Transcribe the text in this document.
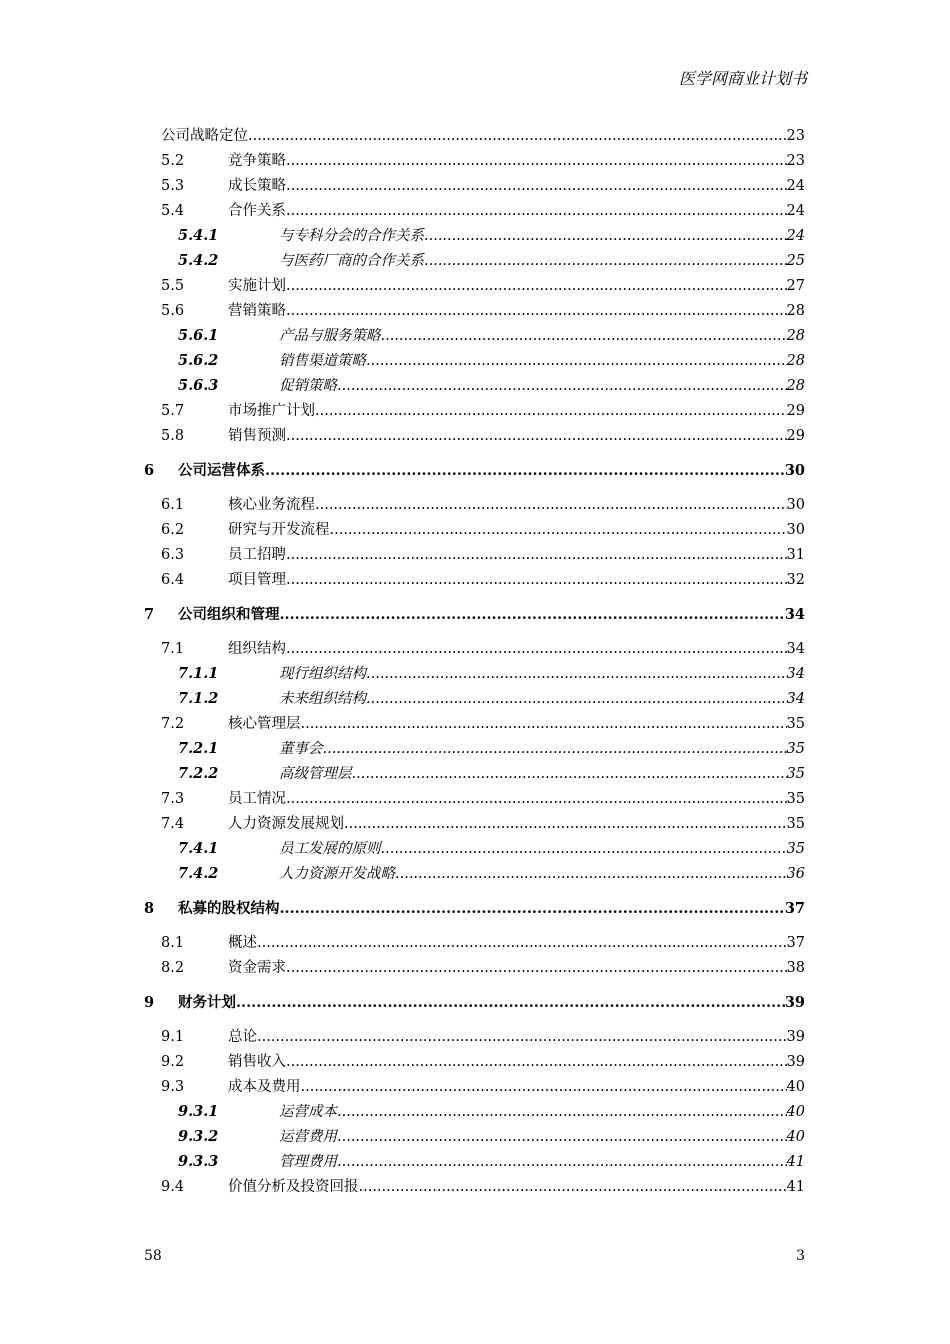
医学网商业计划书
公司战略定位 .....	23
5.2	竞争策略 .....	23
5.3	成长策略 .....	24
5.4	合作关系 .....	24
5.4.1	与专科分会的合作关系 .....	24
5.4.2	与医药厂商的合作关系 .....	25
5.5	实施计划 .....	27
5.6	营销策略 .....	28
5.6.1	产品与服务策略 .....	28
5.6.2	销售渠道策略 .....	28
5.6.3	促销策略 .....	28
5.7	市场推广计划 .....	29
5.8	销售预测 .....	29
6 公司运营体系 .....	30
6.1	核心业务流程 .....	30
6.2	研究与开发流程 .....	30
6.3	员工招聘 .....	31
6.4	项目管理 .....	32
7 公司组织和管理 .....	34
7.1	组织结构 .....	34
7.1.1	现行组织结构 .....	34
7.1.2	未来组织结构 .....	34
7.2	核心管理层 .....	35
7.2.1	董事会 .....	35
7.2.2	高级管理层 .....	35
7.3	员工情况 .....	35
7.4	人力资源发展规划 .....	35
7.4.1	员工发展的原则 .....	35
7.4.2	人力资源开发战略 .....	36
8 私募的股权结构 .....	37
8.1	概述 .....	37
8.2	资金需求 .....	38
9 财务计划 .....	39
9.1	总论 .....	39
9.2	销售收入 .....	39
9.3	成本及费用 .....	40
9.3.1	运营成本 .....	40
9.3.2	运营费用 .....	40
9.3.3	管理费用 .....	41
9.4	价值分析及投资回报 .....	41
58	3
